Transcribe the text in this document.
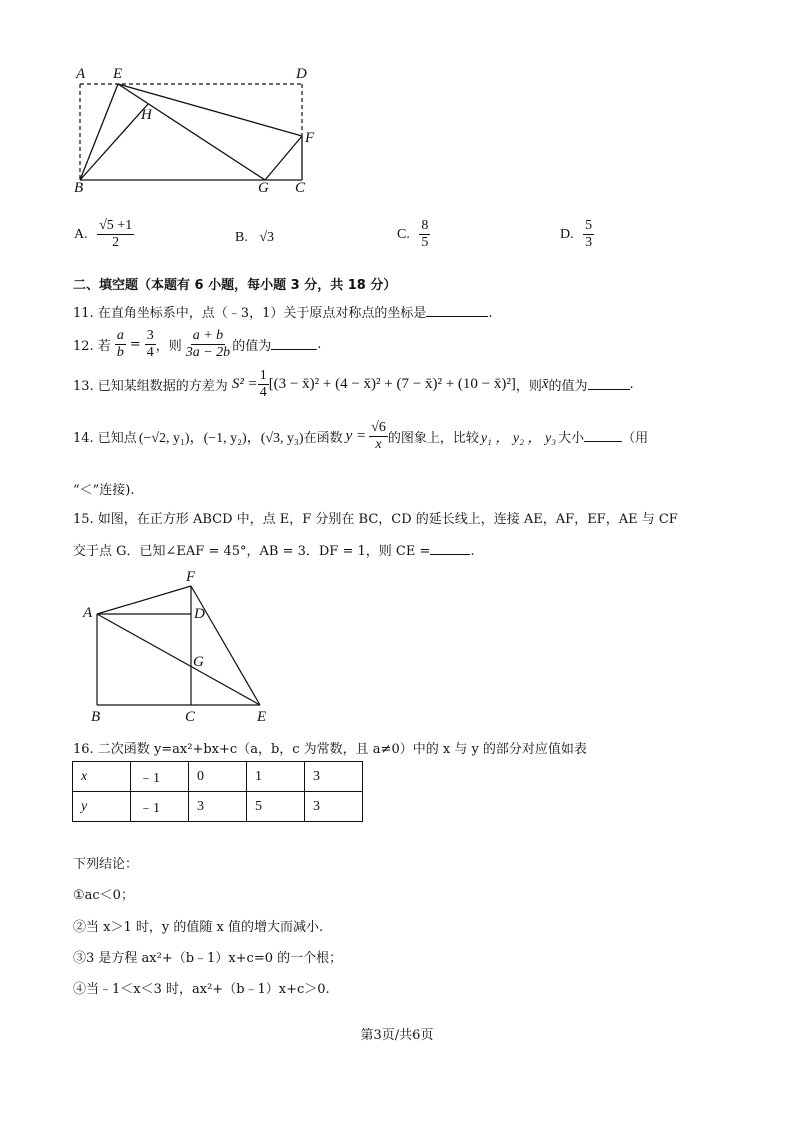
A E	D
H
F
B	G C
A. $\frac{√5 +1}{2}$	B. √3	C. $\frac{8}{5}$	D. $\frac{5}{3}$
二、填空题（本题有 6 小题，每小题 3 分，共 18 分）
11. 在直角坐标系中，点（﹣3，1）关于原点对称点的坐标是	.
12. 若 $\frac{a}{b} = \frac{3}{4}$ ，则 $\frac{a + b}{3a - 2b}$ 的值为	.
13. 已知某组数据的方差为 $S^2 = \frac{1}{4} [(3$ − x̄)² + (4 − x̄)² + (7 − x̄)² + (10 − x̄)²] ，则 x̄ 的值为	.
14. 已知点 (−√2, y₁)，(−1, y₂)，(√3, y₃) 在函数 $y = \frac{√6}{x}$ 的图象上，比较 y₁ ， y₂ ， y₃ 大小	（用
“＜”连接).
15. 如图，在正方形 ABCD 中，点 E，F 分别在 BC，CD 的延长线上，连接 AE，AF，EF，AE 与 CF
交于点 G．已知∠EAF = 45°，AB = 3．DF = 1，则 CE =	.
F
A	D
G
B	C	E
16. 二次函数 y=ax²+bx+c（a，b，c 为常数，且 a≠0）中的 x 与 y 的部分对应值如表
x	﹣1	0	1	3
y	﹣1	3	5	3
下列结论：
①ac＜0；
②当 x＞1 时，y 的值随 x 值的增大而减小.
③3 是方程 ax²+（b﹣1）x+c=0 的一个根；
④当﹣1＜x＜3 时，ax²+（b﹣1）x+c＞0.
第3页/共6页
